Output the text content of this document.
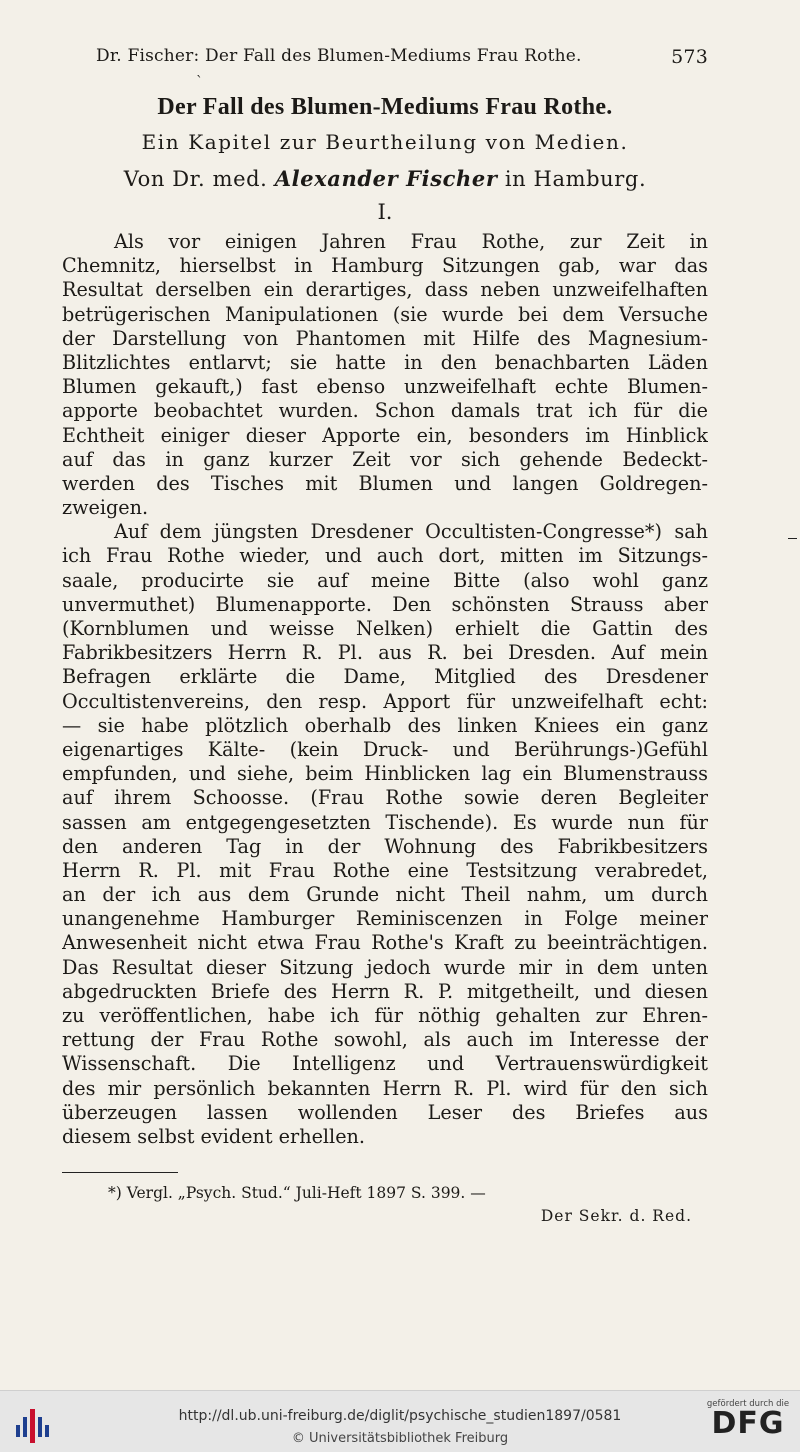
Dr. Fischer: Der Fall des Blumen-Mediums Frau Rothe.	573
ˋ
Der Fall des Blumen-Mediums Frau Rothe.
Ein Kapitel zur Beurtheilung von Medien.
Von Dr. med. Alexander Fischer in Hamburg.
I.
Als vor einigen Jahren Frau Rothe, zur Zeit in
Chemnitz, hierselbst in Hamburg Sitzungen gab, war das
Resultat derselben ein derartiges, dass neben unzweifelhaften
betrügerischen Manipulationen (sie wurde bei dem Versuche
der Darstellung von Phantomen mit Hilfe des Magnesium-
Blitzlichtes entlarvt; sie hatte in den benachbarten Läden
Blumen gekauft,) fast ebenso unzweifelhaft echte Blumen-
apporte beobachtet wurden. Schon damals trat ich für die
Echtheit einiger dieser Apporte ein, besonders im Hinblick
auf das in ganz kurzer Zeit vor sich gehende Bedeckt-
werden des Tisches mit Blumen und langen Goldregen-
zweigen.
Auf dem jüngsten Dresdener Occultisten-Congresse*) sah
ich Frau Rothe wieder, und auch dort, mitten im Sitzungs-
saale, producirte sie auf meine Bitte (also wohl ganz
unvermuthet) Blumenapporte. Den schönsten Strauss aber
(Kornblumen und weisse Nelken) erhielt die Gattin des
Fabrikbesitzers Herrn R. Pl. aus R. bei Dresden. Auf mein
Befragen erklärte die Dame, Mitglied des Dresdener
Occultistenvereins, den resp. Apport für unzweifelhaft echt:
— sie habe plötzlich oberhalb des linken Kniees ein ganz
eigenartiges Kälte- (kein Druck- und Berührungs-)Gefühl
empfunden, und siehe, beim Hinblicken lag ein Blumenstrauss
auf ihrem Schoosse. (Frau Rothe sowie deren Begleiter
sassen am entgegengesetzten Tischende). Es wurde nun für
den anderen Tag in der Wohnung des Fabrikbesitzers
Herrn R. Pl. mit Frau Rothe eine Testsitzung verabredet,
an der ich aus dem Grunde nicht Theil nahm, um durch
unangenehme Hamburger Reminiscenzen in Folge meiner
Anwesenheit nicht etwa Frau Rothe's Kraft zu beeinträchtigen.
Das Resultat dieser Sitzung jedoch wurde mir in dem unten
abgedruckten Briefe des Herrn R. P. mitgetheilt, und diesen
zu veröffentlichen, habe ich für nöthig gehalten zur Ehren-
rettung der Frau Rothe sowohl, als auch im Interesse der
Wissenschaft. Die Intelligenz und Vertrauenswürdigkeit
des mir persönlich bekannten Herrn R. Pl. wird für den sich
überzeugen lassen wollenden Leser des Briefes aus
diesem selbst evident erhellen.
*) Vergl. „Psych. Stud.“ Juli-Heft 1897 S. 399. —
Der Sekr. d. Red.
http://dl.ub.uni-freiburg.de/diglit/psychische_studien1897/0581
© Universitätsbibliothek Freiburg
gefördert durch die
DFG
